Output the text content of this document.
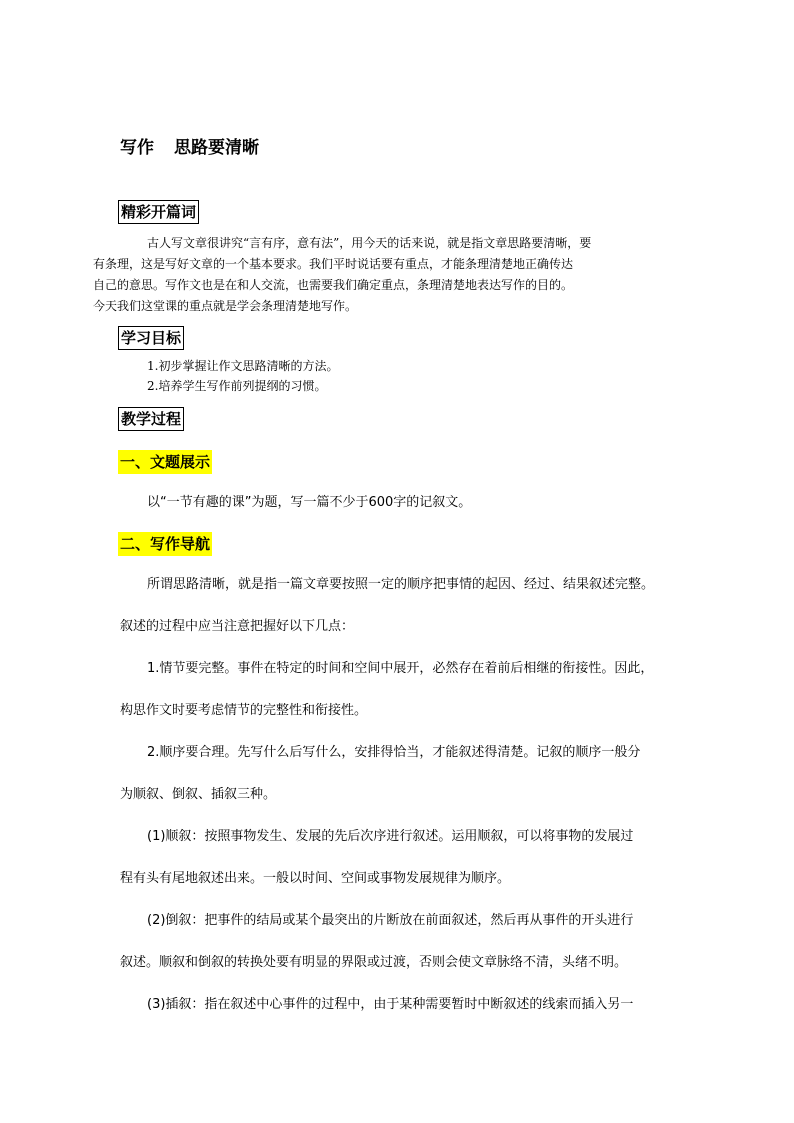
写作 思路要清晰
精彩开篇词

古人写文章很讲究“言有序，意有法”，用今天的话来说，就是指文章思路要清晰，要
有条理，这是写好文章的一个基本要求。我们平时说话要有重点，才能条理清楚地正确传达
自己的意思。写作文也是在和人交流，也需要我们确定重点，条理清楚地表达写作的目的。
今天我们这堂课的重点就是学会条理清楚地写作。

学习目标
1.初步掌握让作文思路清晰的方法。
2.培养学生写作前列提纲的习惯。
教学过程
一、文题展示
以“一节有趣的课”为题，写一篇不少于600字的记叙文。
二、写作导航
所谓思路清晰，就是指一篇文章要按照一定的顺序把事情的起因、经过、结果叙述完整。
叙述的过程中应当注意把握好以下几点：
1.情节要完整。事件在特定的时间和空间中展开，必然存在着前后相继的衔接性。因此，
构思作文时要考虑情节的完整性和衔接性。
2.顺序要合理。先写什么后写什么，安排得恰当，才能叙述得清楚。记叙的顺序一般分
为顺叙、倒叙、插叙三种。
(1)顺叙：按照事物发生、发展的先后次序进行叙述。运用顺叙，可以将事物的发展过
程有头有尾地叙述出来。一般以时间、空间或事物发展规律为顺序。
(2)倒叙：把事件的结局或某个最突出的片断放在前面叙述，然后再从事件的开头进行
叙述。顺叙和倒叙的转换处要有明显的界限或过渡，否则会使文章脉络不清，头绪不明。
(3)插叙：指在叙述中心事件的过程中，由于某种需要暂时中断叙述的线索而插入另一
